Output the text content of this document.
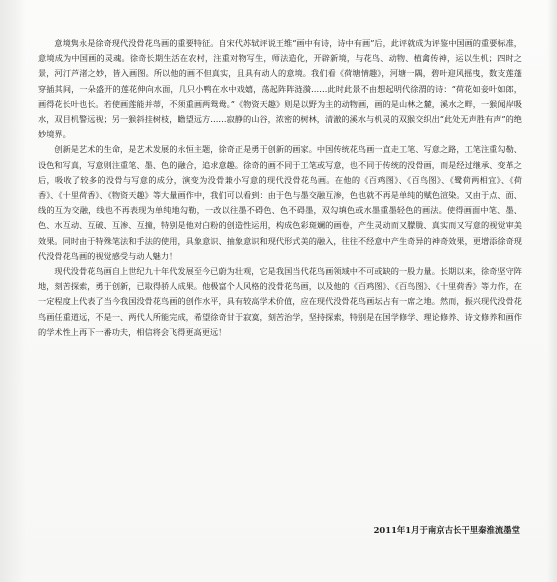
意境隽永是徐奇现代没骨花鸟画的重要特征。自宋代苏轼评说王维“画中有诗，诗中有画”后，此评就成为评鉴中国画的重要标准，意境成为中国画的灵魂。徐奇长期生活在农村，注重对物写生，师法造化，开辟新境，与花鸟、动物、植禽传神，运以生机；四时之景，河汀芦渚之妙，皆入画图。所以他的画不但真实，且具有动人的意境。我们看《荷塘情趣》，河塘一隅，碧叶迎风摇曳，数支莲蓬穿插其间，一朵盛开的莲花伸向水面，几只小鸭在水中戏嬉，荡起阵阵涟漪……此时此景不由想起明代徐渭的诗：“荷花如妾叶如郎，画得花长叶也长。若使画莲能并蒂，不须重画两鸳鸯。”《物资天趣》则是以野为主的动物画，画的是山林之麓，溪水之畔，一猴闻岸吸水，双目机警远视；另一猴斜挂树枝，瞻望远方……寂静的山谷，浓密的树林，清澈的溪水与机灵的双猴交织出“此处无声胜有声”的绝妙境界。

创新是艺术的生命，是艺术发展的永恒主题，徐奇正是勇于创新的画家。中国传统花鸟画一直走工笔、写意之路，工笔注重勾勒、设色和写真，写意则注重笔、墨、色的融合，追求意趣。徐奇的画不同于工笔或写意，也不同于传统的没骨画，而是经过继承、变革之后，吸收了较多的没骨与写意的成分，演变为没骨兼小写意的现代没骨花鸟画。在他的《百鸡图》、《百鸟图》、《鹭荷两相宜》、《荷香》、《十里荷香》、《物资天趣》等大量画作中，我们可以看到：由于色与墨交融互渗，色也就不再是单纯的赋色渲染。又由于点、面、线的互为交融，线也不再表现为单纯地勾勒，一改以往墨不碍色、色不碍墨，双勾填色或水墨重墨轻色的画法。使得画面中笔、墨、色、水互动、互破、互渗、互撞，特别是他对白粉的创造性运用，构成色彩斑斓的画卷，产生灵动而又朦胧、真实而又写意的视觉审美效果。同时由于特殊笔法和手法的使用，具象意识、抽象意识和现代形式美的融入，往往不经意中产生奇异的神奇效果，更增添徐奇现代没骨花鸟画的视觉感受与动人魅力！

现代没骨花鸟画自上世纪九十年代发展至今已蔚为壮观，它是我国当代花鸟画领域中不可或缺的一股力量。长期以来，徐奇坚守阵地，刻苦探索，勇于创新，已取得骄人成果。他极富个人风格的没骨花鸟画，以及他的《百鸡图》、《百鸟图》、《十里荷香》等力作，在一定程度上代表了当今我国没骨花鸟画的创作水平，具有较高学术价值，应在现代没骨花鸟画坛占有一席之地。然而，振兴现代没骨花鸟画任重道远，不是一、两代人所能完成，希望徐奇甘于寂寞，刻苦治学，坚持探索，特别是在国学修学、理论修养、诗文修养和画作的学术性上再下一番功夫，相信将会飞得更高更远！

2011年1月于南京古长干里秦淮流墨堂
